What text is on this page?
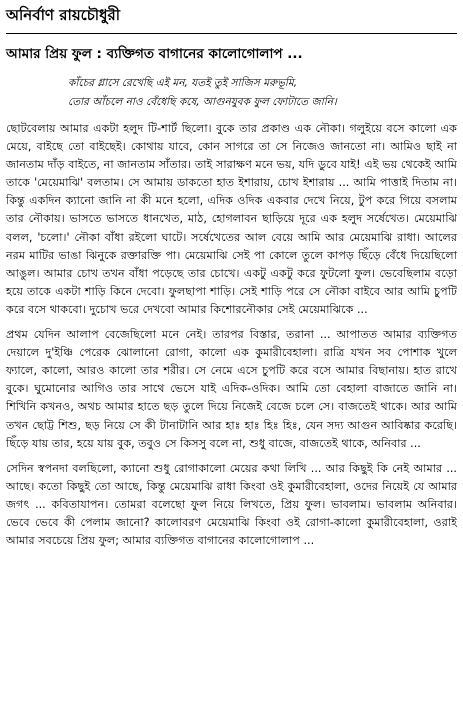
অনির্বাণ রায়চৌধুরী
আমার প্রিয় ফুল : ব্যক্তিগত বাগানের কালোগোলাপ ...
কাঁচের গ্লাসে রেখেছি এই মন, যতই তুই সাজিস মরুভূমি,
তোর আঁচলে নাও বেঁধেছি কষে, আগুনযুবক ফুল ফোটাতে জানি।

ছোটবেলায় আমার একটা হলুদ টি-শার্ট ছিলো। বুকে তার প্রকাণ্ড এক নৌকা। গলুইয়ে বসে কালো এক মেয়ে, বাইছে তো বাইছেই। কোথায় যাবে, কোন সাগরে তা সে নিজেও জানতো না। আমিও ছাই না জানতাম দাঁড় বাইতে, না জানতাম সাঁতার। তাই সারাক্ষণ মনে ভয়, যদি ডুবে যাই! এই ভয় থেকেই আমি তাকে 'মেয়েমাঝি' বলতাম। সে আমায় ডাকতো হাত ইশারায়, চোখ ইশারায় ... আমি পাত্তাই দিতাম না। কিন্তু একদিন ক্যানো জানি না কী মনে হলো, এদিক ওদিক একবার দেখে নিয়ে, টুপ করে গিয়ে বসলাম তার নৌকায়। ভাসতে ভাসতে ধানখেত, মাঠ, হোগলাবন ছাড়িয়ে দূরে এক হলুদ সর্ষেখেত। মেয়েমাঝি বলল, 'চলো।' নৌকা বাঁধা রইলো ঘাটে। সর্ষেখেতের আল বেয়ে আমি আর মেয়েমাঝি রাধা। আলের নরম মাটির ভাঙা ঝিনুকে রক্তারক্তি পা। মেয়েমাঝি সেই পা কোলে তুলে কাপড় ছিঁড়ে বেঁধে দিয়েছিলো আঙুল। আমার চোখ তখন বাঁধা পড়েছে তার চোখে। একটু একটু করে ফুটলো ফুল। ভেবেছিলাম বড়ো হয়ে তাকে একটা শাড়ি কিনে দেবো। ফুলছাপা শাড়ি। সেই শাড়ি পরে সে নৌকা বাইবে আর আমি চুপটি করে বসে থাকবো। দুচোখ ভরে দেখবো আমার কিশোরনৌকার সেই মেয়েমাঝিকে ...

প্রথম যেদিন আলাপ বেজেছিলো মনে নেই। তারপর বিস্তার, তরানা ... আপাতত আমার ব্যক্তিগত দেয়ালে দু'ইঞ্চি পেরেক ঝোলানো রোগা, কালো এক কুমারীবেহালা। রাত্রি যখন সব পোশাক খুলে ফ্যালে, কালো, আরও কালো তার শরীর। সে নেমে এসে চুপটি করে বসে আমার বিছানায়। হাত রাখে বুকে। ঘুমোনোর আগিও তার সাথে ভেসে যাই এদিক-ওদিক। আমি তো বেহালা বাজাতে জানি না। শিখিনি কখনও, অথচ আমার হাতে ছড় তুলে দিয়ে নিজেই বেজে চলে সে। বাজতেই থাকে। আর আমি তখন ছোট্ট শিশু, ছড় নিয়ে সে কী টানাটানি আর হাঃ হাঃ হিঃ হিঃ, যেন সদ্য আগুন আবিষ্কার করেছি। ছিঁড়ে যায় তার, হয়ে যায় বুক, তবুও সে কিসসু বলে না, শুধু বাজে, বাজতেই থাকে, অনিবার ...

সেদিন স্বপনদা বলছিলো, ক্যানো শুধু রোগাকালো মেয়ের কথা লিখি ... আর কিছুই কি নেই আমার ... আছে। কতো কিছুই তো আছে, কিন্তু মেয়েমাঝি রাধা কিংবা ওই কুমারীবেহালা, ওদের নিয়েই যে আমার জগৎ ... কবিতাযাপন। তোমরা বলেছো ফুল নিয়ে লিখতে, প্রিয় ফুল। ভাবলাম। ভাবলাম অনিবার। ভেবে ভেবে কী পেলাম জানো? কালোবরণ মেয়েমাঝি কিংবা ওই রোগা-কালো কুমারীবেহালা, ওরাই আমার সবচেয়ে প্রিয় ফুল; আমার ব্যক্তিগত বাগানের কালোগোলাপ ...
